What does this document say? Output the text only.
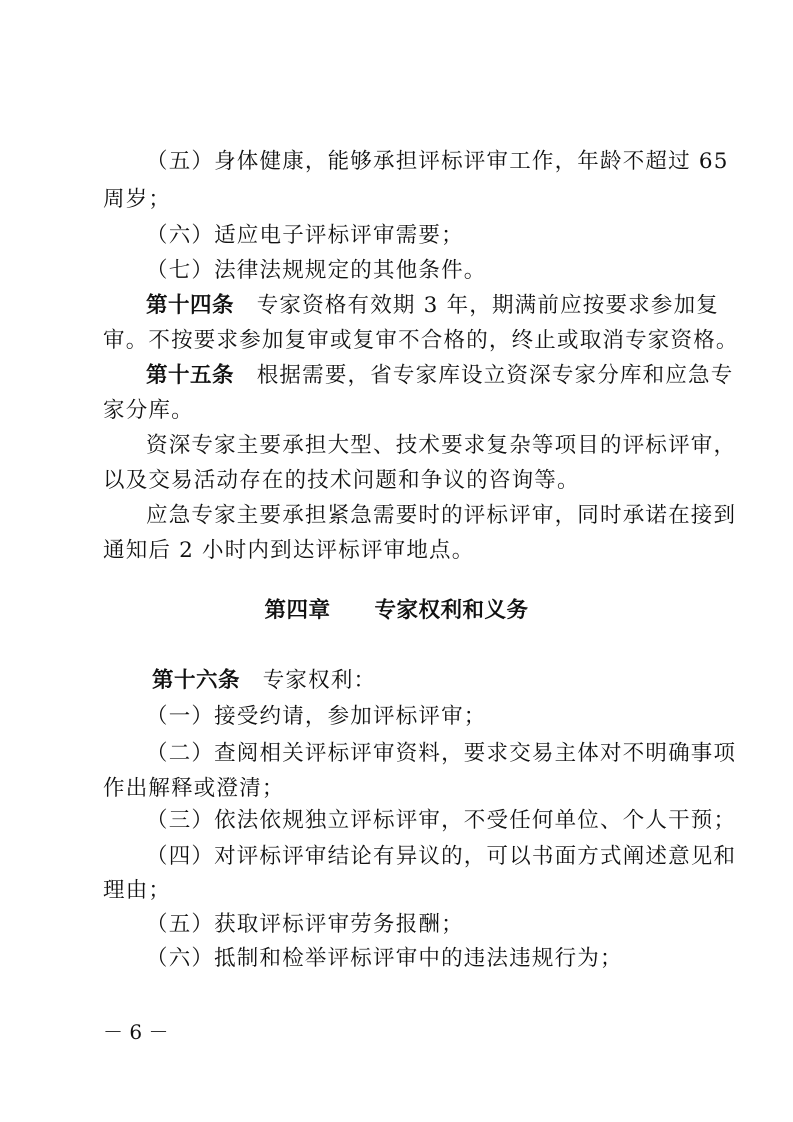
（五）身体健康，能够承担评标评审工作，年龄不超过 65
周岁；
（六）适应电子评标评审需要；
（七）法律法规规定的其他条件。
第十四条　专家资格有效期 3 年，期满前应按要求参加复
审。不按要求参加复审或复审不合格的，终止或取消专家资格。
第十五条　根据需要，省专家库设立资深专家分库和应急专
家分库。
资深专家主要承担大型、技术要求复杂等项目的评标评审，
以及交易活动存在的技术问题和争议的咨询等。
应急专家主要承担紧急需要时的评标评审，同时承诺在接到
通知后 2 小时内到达评标评审地点。
第四章　　专家权利和义务
第十六条　专家权利：
（一）接受约请，参加评标评审；
（二）查阅相关评标评审资料，要求交易主体对不明确事项
作出解释或澄清；
（三）依法依规独立评标评审，不受任何单位、个人干预；
（四）对评标评审结论有异议的，可以书面方式阐述意见和
理由；
（五）获取评标评审劳务报酬；
（六）抵制和检举评标评审中的违法违规行为；
－ 6 －
